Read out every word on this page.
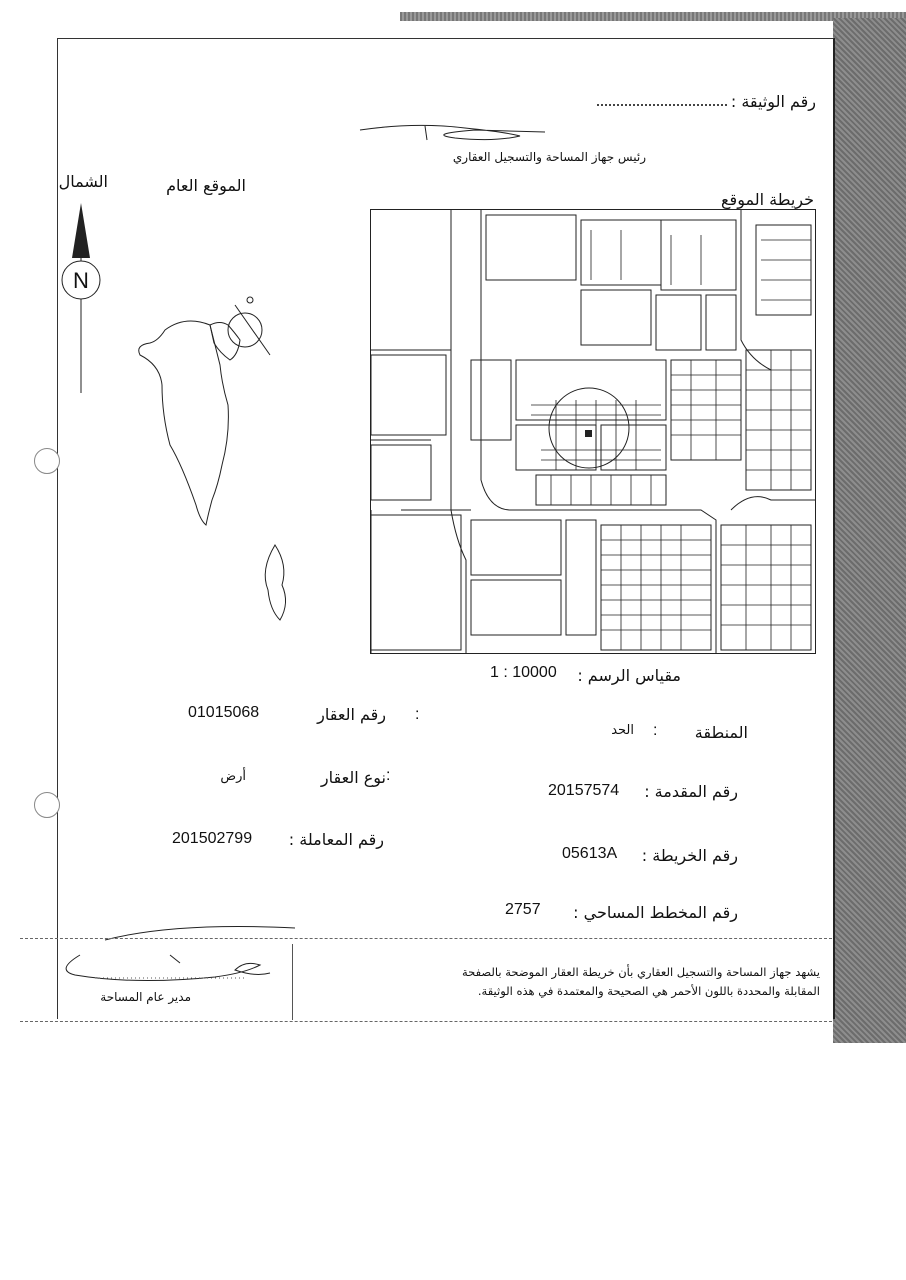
رقم الوثيقة :
رئيس جهاز المساحة والتسجيل العقاري
الشمال	الموقع العام
N
خريطة الموقع
مقياس الرسم :
1 : 10000
رقم العقار :
01015068
المنطقة
:
الحد
نوع العقار :
أرض
رقم المقدمة :
20157574
رقم المعاملة :
201502799
رقم الخريطة :
05613A
رقم المخطط المساحي :
2757
يشهد جهاز المساحة والتسجيل العقاري بأن خريطة العقار الموضحة بالصفحة
المقابلة والمحددة باللون الأحمر هي الصحيحة والمعتمدة في هذه الوثيقة.
مدير عام المساحة
